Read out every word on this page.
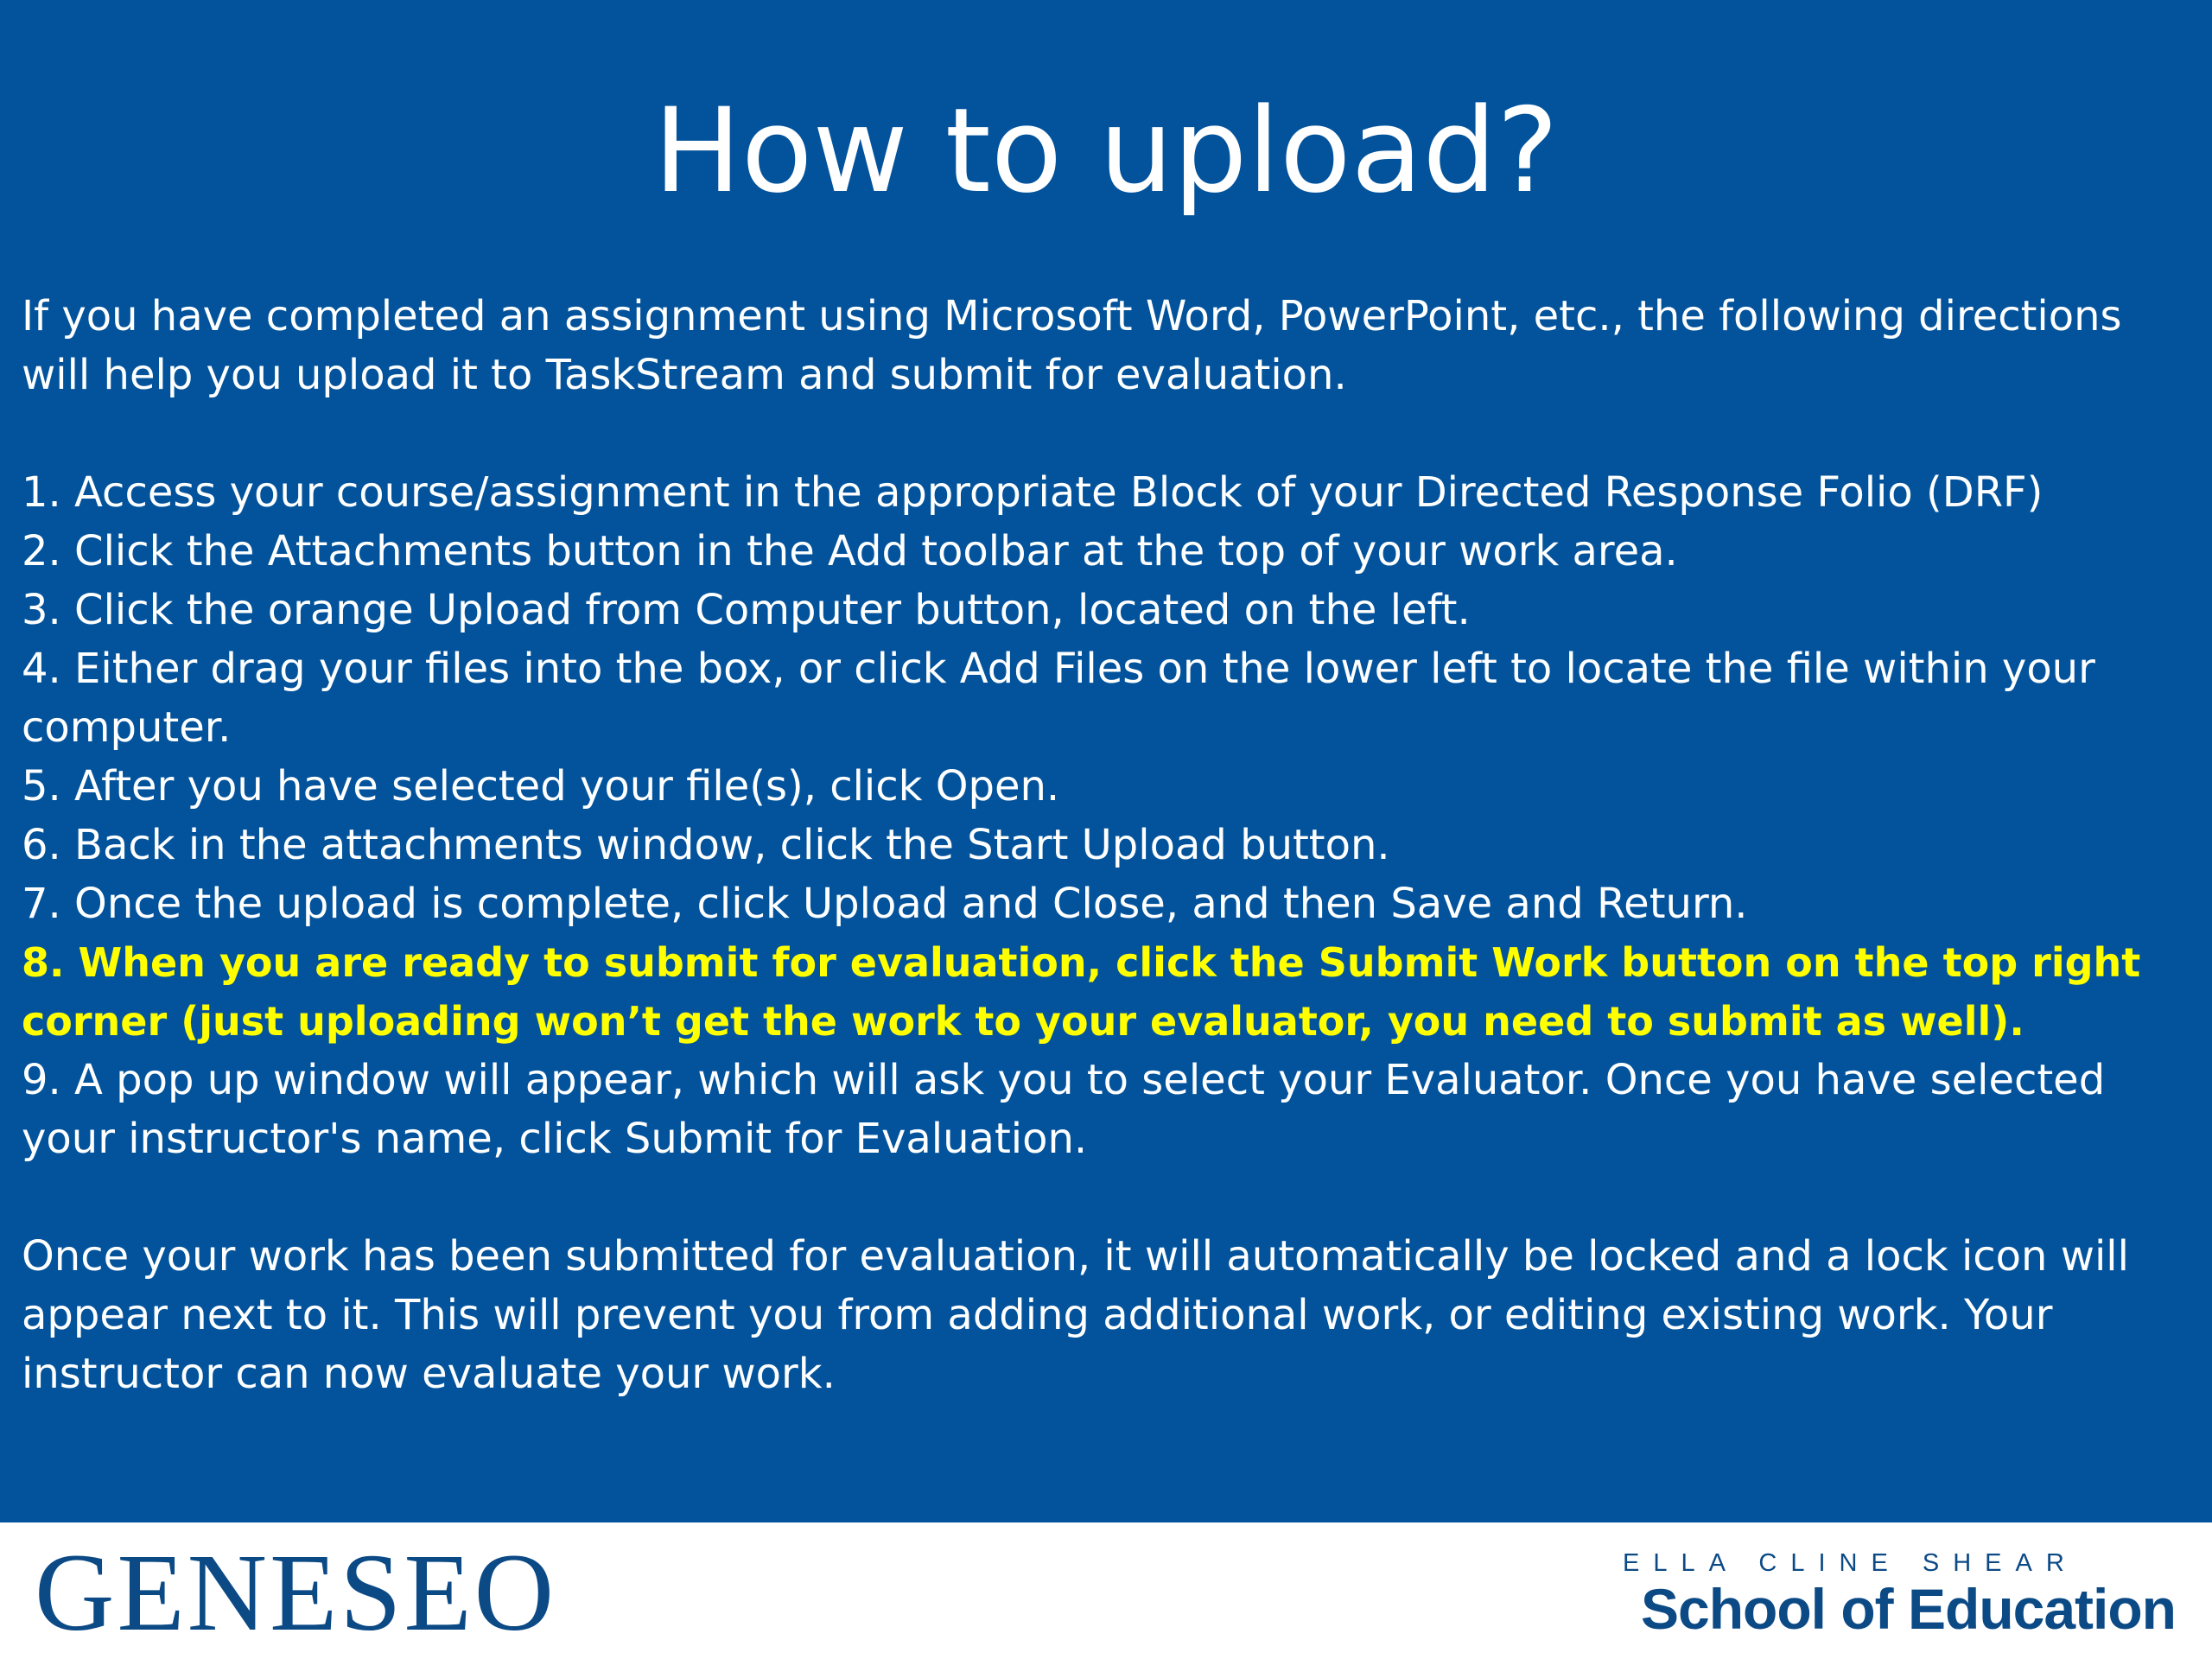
How to upload?

If you have completed an assignment using Microsoft Word, PowerPoint, etc., the following directions will help you upload it to TaskStream and submit for evaluation.

1. Access your course/assignment in the appropriate Block of your Directed Response Folio (DRF)

2. Click the Attachments button in the Add toolbar at the top of your work area.

3. Click the orange Upload from Computer button, located on the left.

4. Either drag your files into the box, or click Add Files on the lower left to locate the file within your computer.

5. After you have selected your file(s), click Open.

6. Back in the attachments window, click the Start Upload button.

7. Once the upload is complete, click Upload and Close, and then Save and Return.

8. When you are ready to submit for evaluation, click the Submit Work button on the top right corner (just uploading won’t get the work to your evaluator, you need to submit as well).

9. A pop up window will appear, which will ask you to select your Evaluator. Once you have selected your instructor's name, click Submit for Evaluation.

Once your work has been submitted for evaluation, it will automatically be locked and a lock icon will appear next to it. This will prevent you from adding additional work, or editing existing work. Your instructor can now evaluate your work.

GENESEO	ELLA CLINE SHEAR
School of Education
